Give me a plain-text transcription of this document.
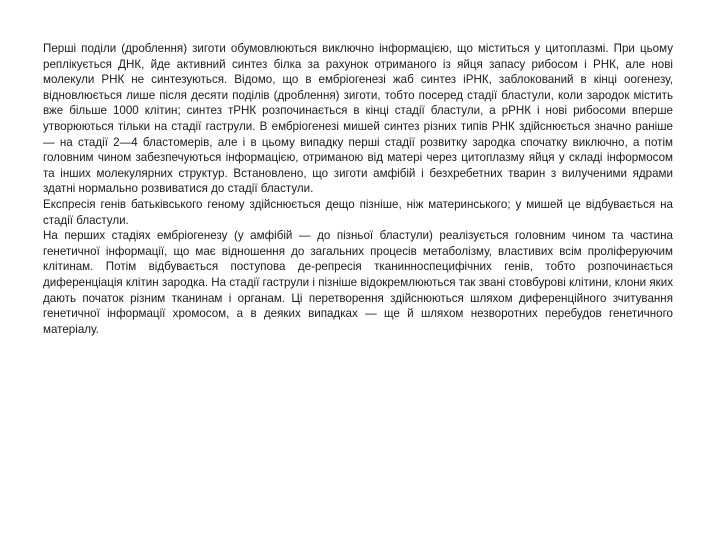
Перші поділи (дроблення) зиготи обумовлюються виключно інформацією, що міститься у цитоплазмі. При цьому реплікується ДНК, йде активний синтез білка за рахунок отриманого із яйця запасу рибосом і РНК, але нові молекули РНК не синтезуються. Відомо, що в ембріогенезі жаб синтез іРНК, заблокований в кінці оогенезу, відновлюється лише після десяти поділів (дроблення) зиготи, тобто посеред стадії бластули, коли зародок містить вже більше 1000 клітин; синтез тРНК розпочинається в кінці стадії бластули, а рРНК і нові рибосоми вперше утворюються тільки на стадії гаструли. В ембріогенезі мишей синтез різних типів РНК здійснюється значно раніше — на стадії 2—4 бластомерів, але і в цьому випадку перші стадії розвитку зародка спочатку виключно, а потім головним чином забезпечуються інформацією, отриманою від матері через цитоплазму яйця у складі інформосом та інших молекулярних структур. Встановлено, що зиготи амфібій і безхребетних тварин з вилученими ядрами здатні нормально розвиватися до стадії бластули.

Експресія генів батьківського геному здійснюється дещо пізніше, ніж материнського; у мишей це відбувається на стадії бластули.

На перших стадіях ембріогенезу (у амфібій — до пізньої бластули) реалізується головним чином та частина генетичної інформації, що має відношення до загальних процесів метаболізму, властивих всім проліферуючим клітинам. Потім відбувається поступова де-репресія тканинноспецифічних генів, тобто розпочинається диференціація клітин зародка. На стадії гаструли і пізніше відокремлюються так звані стовбурові клітини, клони яких дають початок різним тканинам і органам. Ці перетворення здійснюються шляхом диференційного зчитування генетичної інформації хромосом, а в деяких випадках — ще й шляхом незворотних перебудов генетичного матеріалу.
